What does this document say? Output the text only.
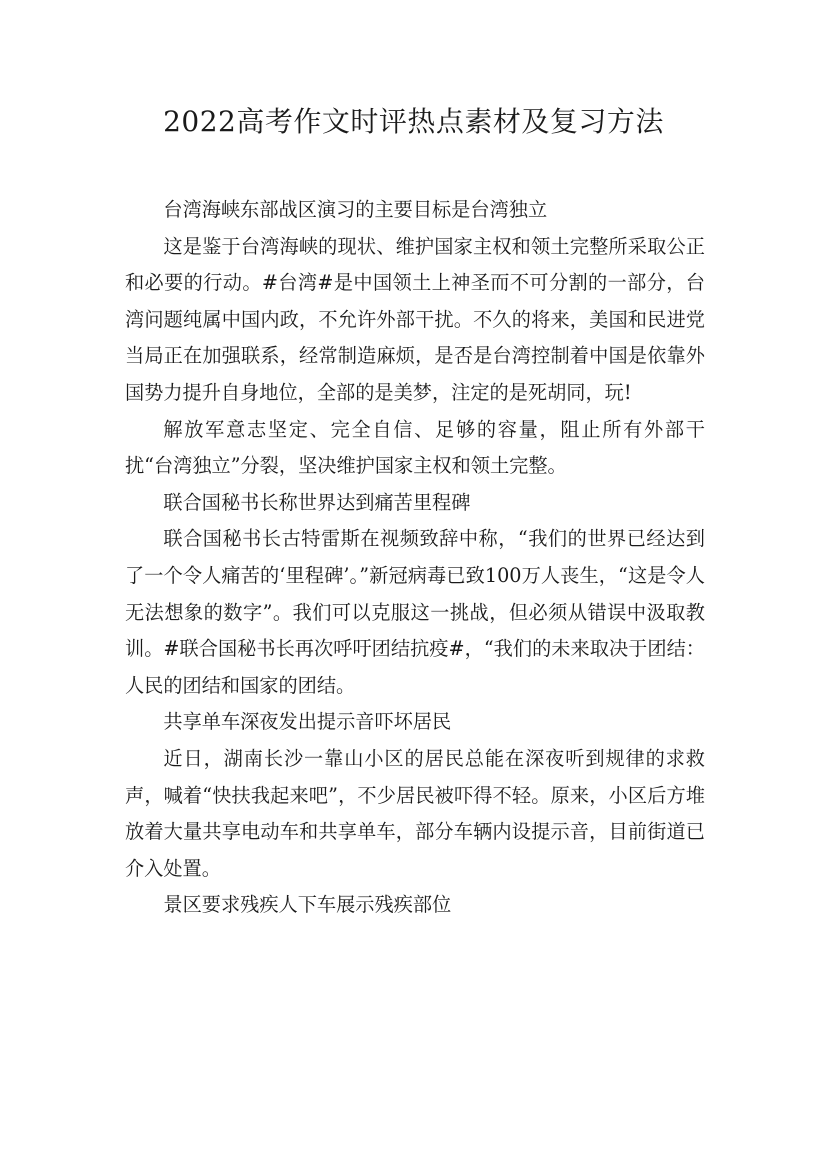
2022高考作文时评热点素材及复习方法

台湾海峡东部战区演习的主要目标是台湾独立

这是鉴于台湾海峡的现状、维护国家主权和领土完整所采取公正和必要的行动。#台湾#是中国领土上神圣而不可分割的一部分，台湾问题纯属中国内政，不允许外部干扰。不久的将来，美国和民进党当局正在加强联系，经常制造麻烦，是否是台湾控制着中国是依靠外国势力提升自身地位，全部的是美梦，注定的是死胡同，玩!

解放军意志坚定、完全自信、足够的容量，阻止所有外部干扰“台湾独立”分裂，坚决维护国家主权和领土完整。

联合国秘书长称世界达到痛苦里程碑

联合国秘书长古特雷斯在视频致辞中称，“我们的世界已经达到了一个令人痛苦的‘里程碑’。”新冠病毒已致100万人丧生，“这是令人无法想象的数字”。我们可以克服这一挑战，但必须从错误中汲取教训。#联合国秘书长再次呼吁团结抗疫#，“我们的未来取决于团结：人民的团结和国家的团结。

共享单车深夜发出提示音吓坏居民

近日，湖南长沙一靠山小区的居民总能在深夜听到规律的求救声，喊着“快扶我起来吧”，不少居民被吓得不轻。原来，小区后方堆放着大量共享电动车和共享单车，部分车辆内设提示音，目前街道已介入处置。

景区要求残疾人下车展示残疾部位
